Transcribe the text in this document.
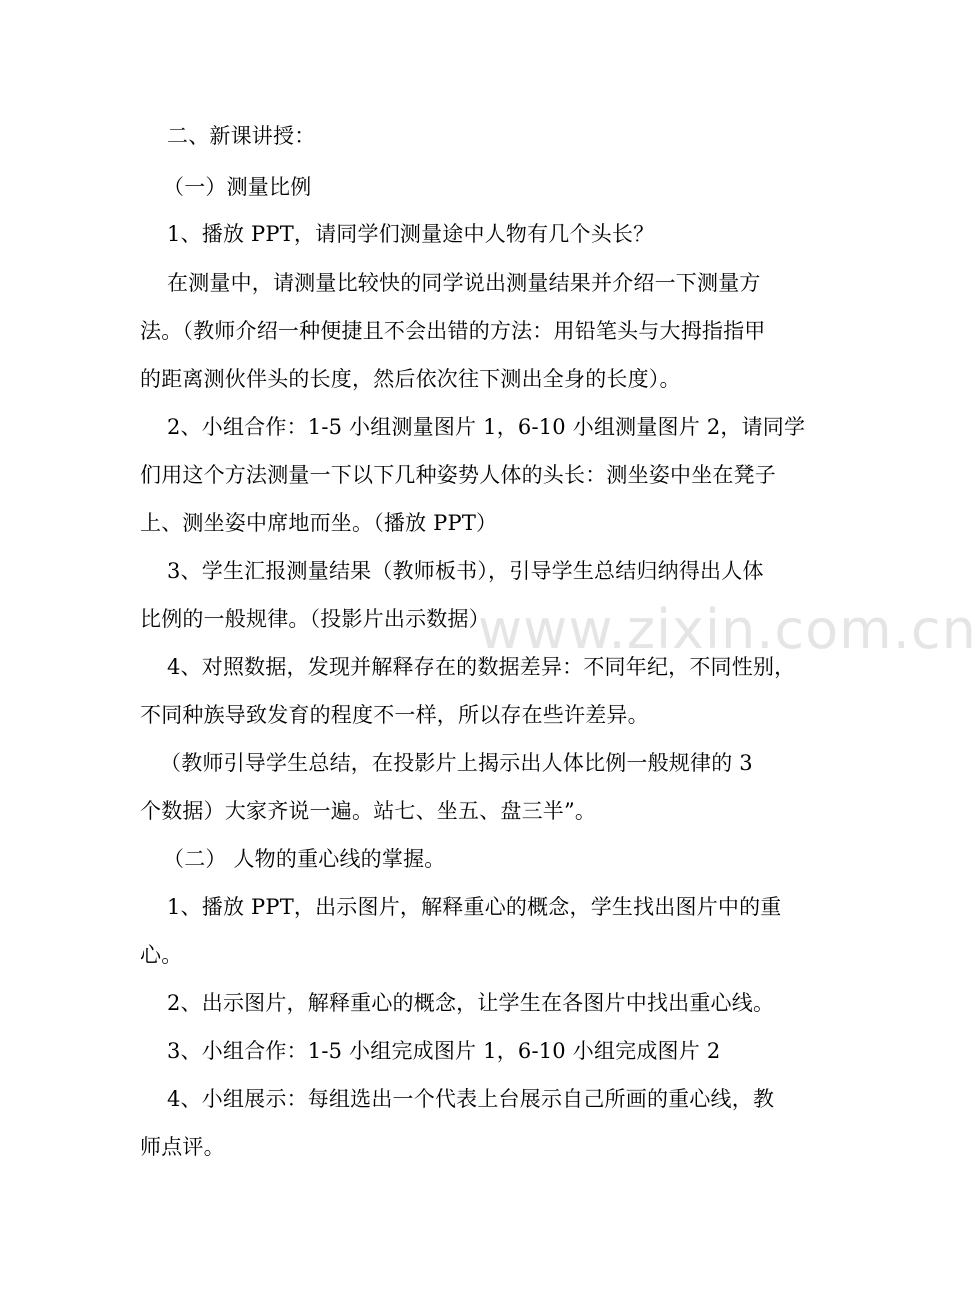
www.zixin.com.cn
二、新课讲授：
（一）测量比例
1、播放 PPT，请同学们测量途中人物有几个头长？
在测量中，请测量比较快的同学说出测量结果并介绍一下测量方
法。（教师介绍一种便捷且不会出错的方法：用铅笔头与大拇指指甲
的距离测伙伴头的长度，然后依次往下测出全身的长度）。
2、小组合作：1-5 小组测量图片 1，6-10 小组测量图片 2，请同学
们用这个方法测量一下以下几种姿势人体的头长：测坐姿中坐在凳子
上、测坐姿中席地而坐。（播放 PPT）
3、学生汇报测量结果（教师板书），引导学生总结归纳得出人体
比例的一般规律。（投影片出示数据）
4、对照数据，发现并解释存在的数据差异：不同年纪，不同性别，
不同种族导致发育的程度不一样，所以存在些许差异。
（教师引导学生总结，在投影片上揭示出人体比例一般规律的 3
个数据）大家齐说一遍。站七、坐五、盘三半”。
（二） 人物的重心线的掌握。
1、播放 PPT，出示图片，解释重心的概念，学生找出图片中的重
心。
2、出示图片，解释重心的概念，让学生在各图片中找出重心线。
3、小组合作：1-5 小组完成图片 1，6-10 小组完成图片 2
4、小组展示：每组选出一个代表上台展示自己所画的重心线，教
师点评。
